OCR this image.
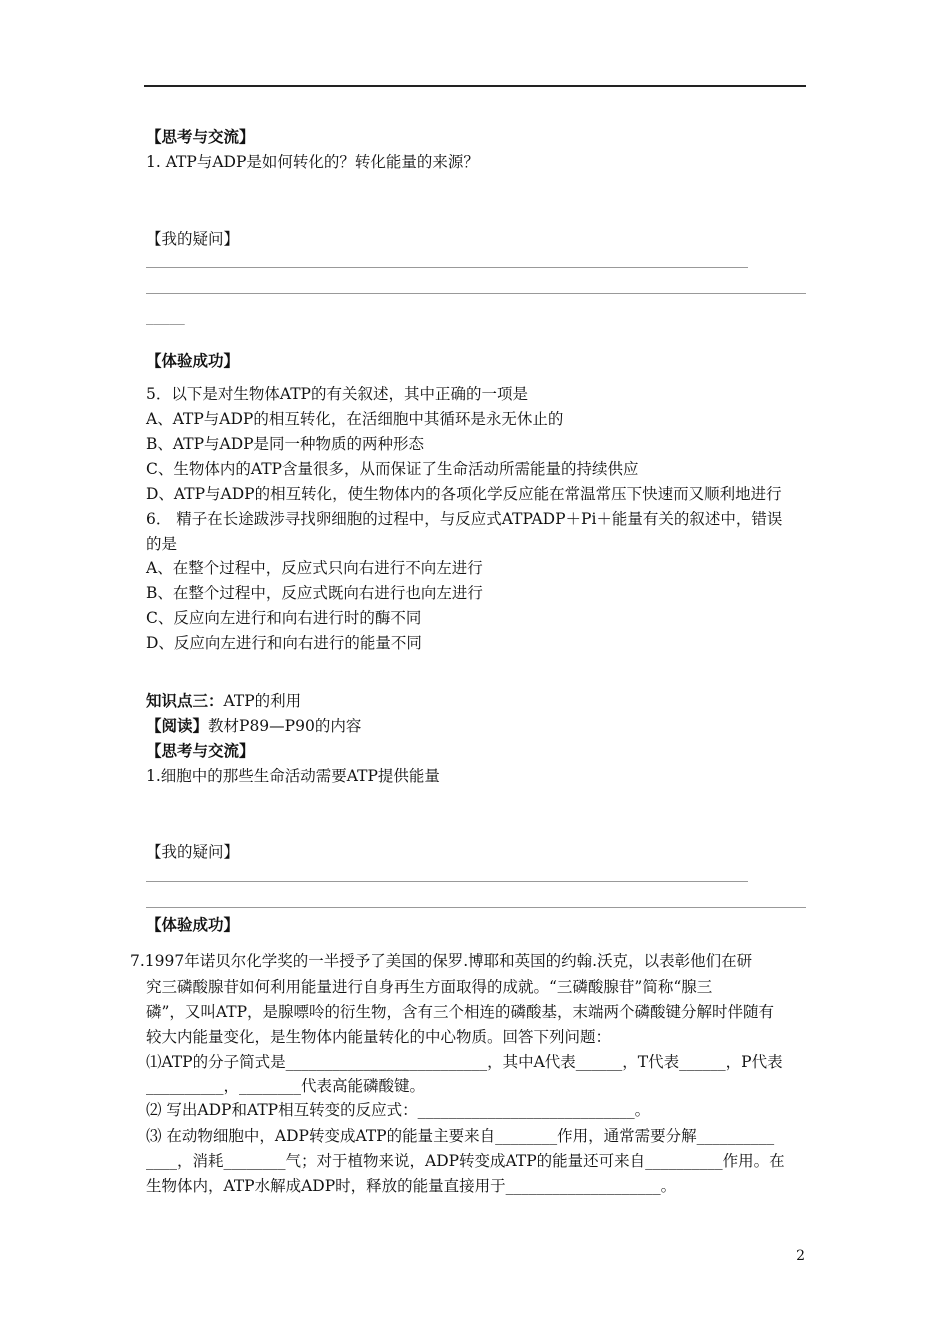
【思考与交流】
1. ATP与ADP是如何转化的？转化能量的来源？
【我的疑问】
_____
【体验成功】
5．以下是对生物体ATP的有关叙述，其中正确的一项是
A、ATP与ADP的相互转化，在活细胞中其循环是永无休止的
B、ATP与ADP是同一种物质的两种形态
C、生物体内的ATP含量很多，从而保证了生命活动所需能量的持续供应
D、ATP与ADP的相互转化，使生物体内的各项化学反应能在常温常压下快速而又顺利地进行
6． 精子在长途跋涉寻找卵细胞的过程中，与反应式ATPADP＋Pi＋能量有关的叙述中，错误
的是
A、在整个过程中，反应式只向右进行不向左进行
B、在整个过程中，反应式既向右进行也向左进行
C、反应向左进行和向右进行时的酶不同
D、反应向左进行和向右进行的能量不同
知识点三：ATP的利用
【阅读】教材P89—P90的内容
【思考与交流】
1.细胞中的那些生命活动需要ATP提供能量
【我的疑问】
【体验成功】
7.1997年诺贝尔化学奖的一半授予了美国的保罗.博耶和英国的约翰.沃克，以表彰他们在研
究三磷酸腺苷如何利用能量进行自身再生方面取得的成就。“三磷酸腺苷”简称“腺三
磷”，又叫ATP，是腺嘌呤的衍生物，含有三个相连的磷酸基，末端两个磷酸键分解时伴随有
较大内能量变化，是生物体内能量转化的中心物质。回答下列问题：
⑴ATP的分子简式是__________________________，其中A代表______，T代表______，P代表
__________，________代表高能磷酸键。
⑵ 写出ADP和ATP相互转变的反应式：____________________________。
⑶ 在动物细胞中，ADP转变成ATP的能量主要来自________作用，通常需要分解__________
____，消耗________气；对于植物来说，ADP转变成ATP的能量还可来自__________作用。在
生物体内，ATP水解成ADP时，释放的能量直接用于____________________。
2
